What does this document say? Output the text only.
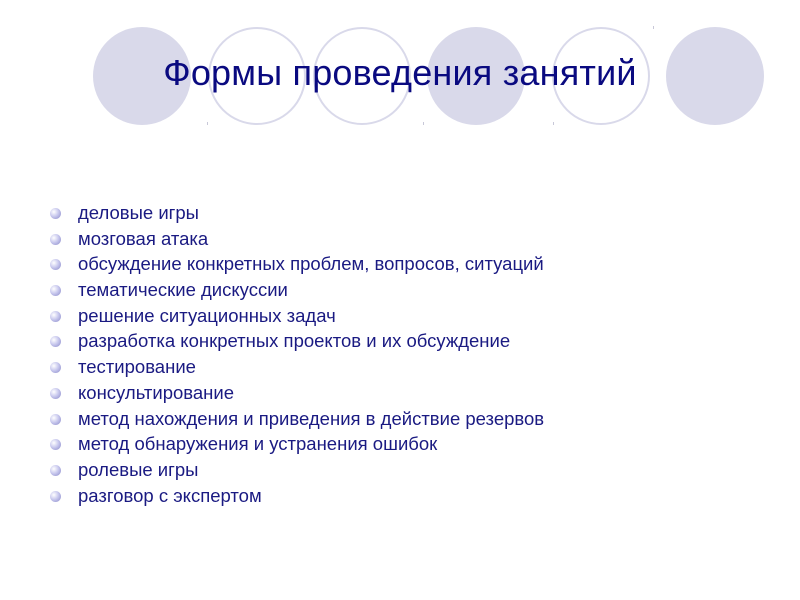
Формы проведения занятий
деловые игры
мозговая атака
обсуждение конкретных проблем, вопросов, ситуаций
тематические дискуссии
решение ситуационных задач
разработка конкретных проектов и их обсуждение
тестирование
консультирование
метод нахождения и приведения в действие резервов
метод обнаружения и устранения ошибок
ролевые игры
разговор с экспертом
